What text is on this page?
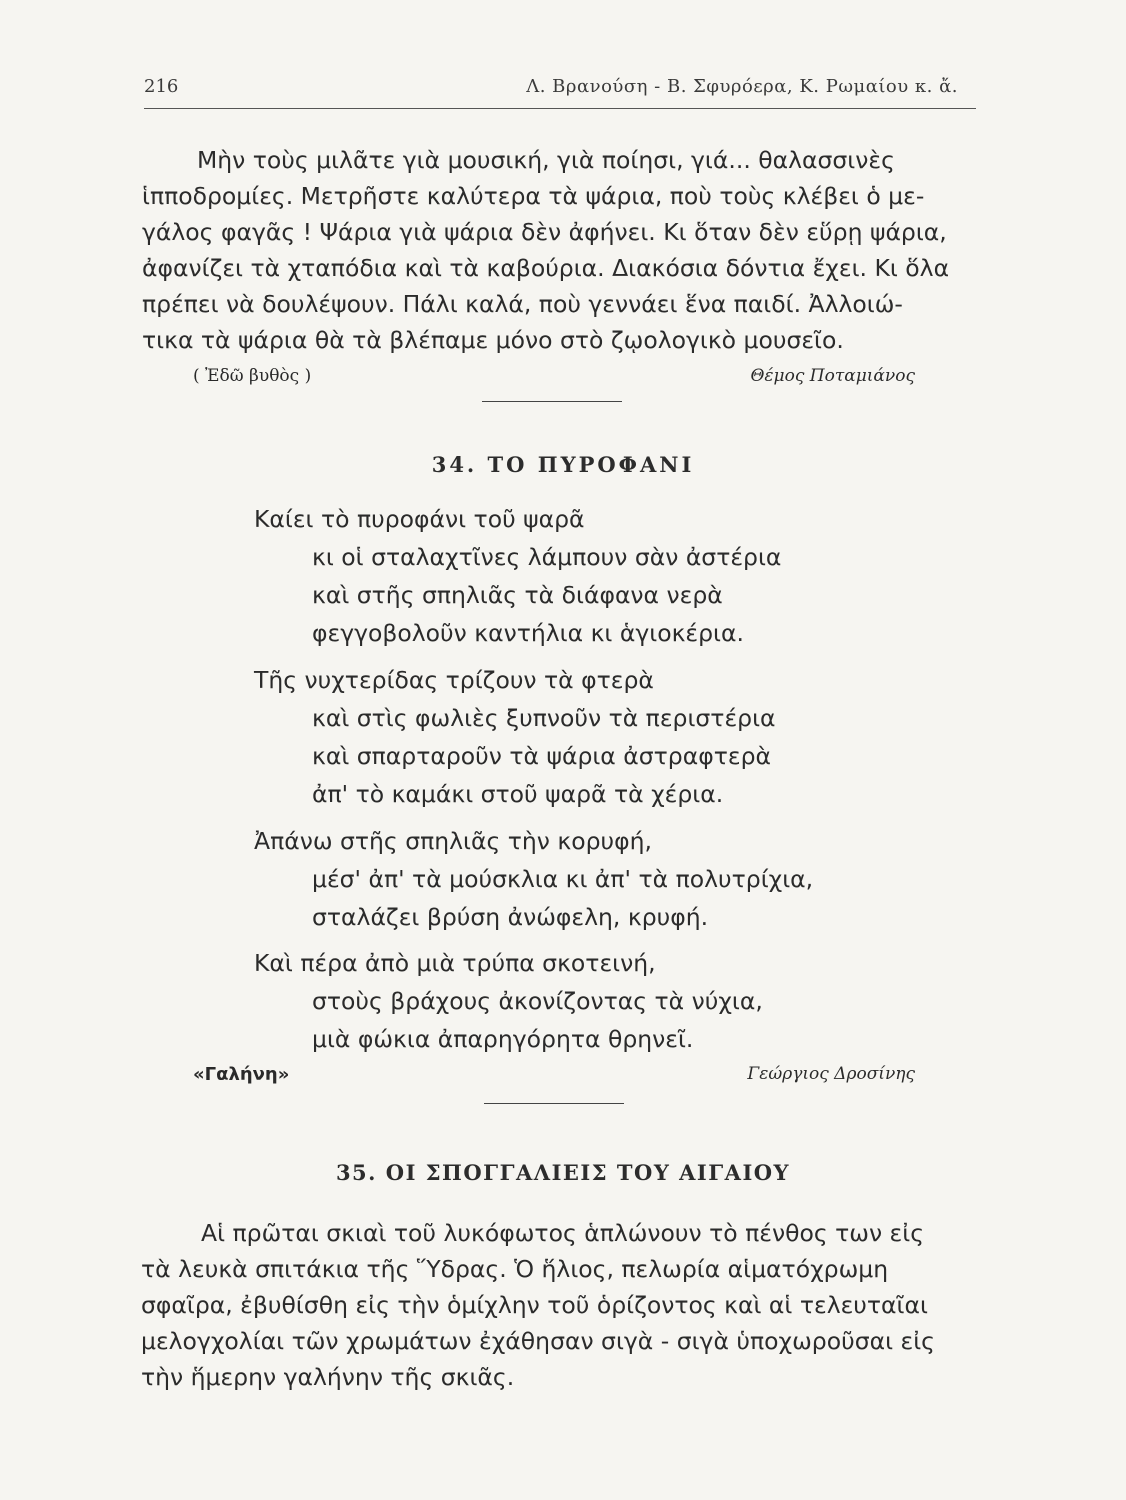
216	Λ. Βρανούση - Β. Σφυρόερα, Κ. Ρωμαίου κ. ἄ.
Μὴν τοὺς μιλᾶτε γιὰ μουσική, γιὰ ποίησι, γιά... θαλασσινὲς
ἱπποδρομίες. Μετρῆστε καλύτερα τὰ ψάρια, ποὺ τοὺς κλέβει ὁ με-
γάλος φαγᾶς ! Ψάρια γιὰ ψάρια δὲν ἀφήνει. Κι ὅταν δὲν εὕρῃ ψάρια,
ἀφανίζει τὰ χταπόδια καὶ τὰ καβούρια. Διακόσια δόντια ἔχει. Κι ὅλα
πρέπει νὰ δουλέψουν. Πάλι καλά, ποὺ γεννάει ἕνα παιδί. Ἀλλοιώ-
τικα τὰ ψάρια θὰ τὰ βλέπαμε μόνο στὸ ζῳολογικὸ μουσεῖο.
( Ἐδῶ βυθὸς )	Θέμος Ποταμιάνος
34. ΤΟ ΠΥΡΟΦΑΝΙ
Καίει τὸ πυροφάνι τοῦ ψαρᾶ
κι οἱ σταλαχτῖνες λάμπουν σὰν ἀστέρια
καὶ στῆς σπηλιᾶς τὰ διάφανα νερὰ
φεγγοβολοῦν καντήλια κι ἁγιοκέρια.
Τῆς νυχτερίδας τρίζουν τὰ φτερὰ
καὶ στὶς φωλιὲς ξυπνοῦν τὰ περιστέρια
καὶ σπαρταροῦν τὰ ψάρια ἀστραφτερὰ
ἀπ' τὸ καμάκι στοῦ ψαρᾶ τὰ χέρια.
Ἀπάνω στῆς σπηλιᾶς τὴν κορυφή,
μέσ' ἀπ' τὰ μούσκλια κι ἀπ' τὰ πολυτρίχια,
σταλάζει βρύση ἀνώφελη, κρυφή.
Καὶ πέρα ἀπὸ μιὰ τρύπα σκοτεινή,
στοὺς βράχους ἀκονίζοντας τὰ νύχια,
μιὰ φώκια ἀπαρηγόρητα θρηνεῖ.
«Γαλήνη»	Γεώργιος Δροσίνης
35. ΟΙ ΣΠΟΓΓΑΛΙΕΙΣ ΤΟΥ ΑΙΓΑΙΟΥ
Αἱ πρῶται σκιαὶ τοῦ λυκόφωτος ἁπλώνουν τὸ πένθος των εἰς
τὰ λευκὰ σπιτάκια τῆς Ὕδρας. Ὁ ἥλιος, πελωρία αἱματόχρωμη
σφαῖρα, ἐβυθίσθη εἰς τὴν ὁμίχλην τοῦ ὁρίζοντος καὶ αἱ τελευταῖαι
μελογχολίαι τῶν χρωμάτων ἐχάθησαν σιγὰ - σιγὰ ὑποχωροῦσαι εἰς
τὴν ἥμερην γαλήνην τῆς σκιᾶς.
